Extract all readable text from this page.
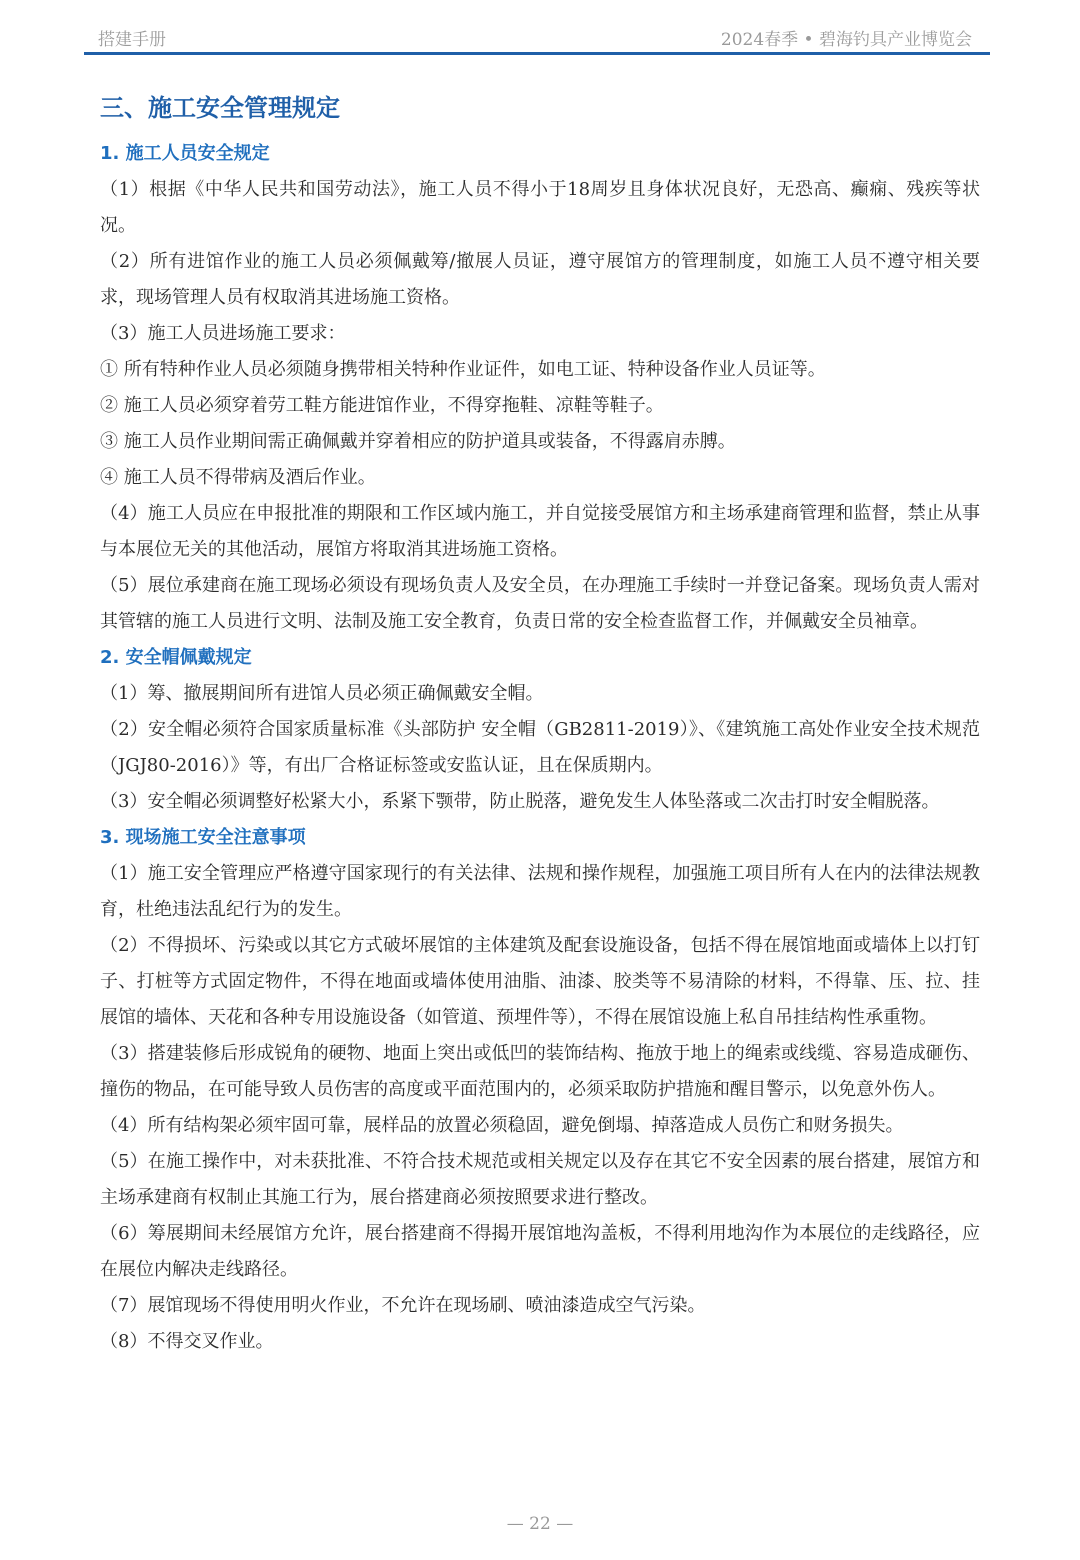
搭建手册	2024春季 • 碧海钓具产业博览会
三、施工安全管理规定
1. 施工人员安全规定

（1）根据《中华人民共和国劳动法》，施工人员不得小于18周岁且身体状况良好，无恐高、癫痫、残疾等状况。

（2）所有进馆作业的施工人员必须佩戴筹/撤展人员证，遵守展馆方的管理制度，如施工人员不遵守相关要求，现场管理人员有权取消其进场施工资格。

（3）施工人员进场施工要求：

① 所有特种作业人员必须随身携带相关特种作业证件，如电工证、特种设备作业人员证等。

② 施工人员必须穿着劳工鞋方能进馆作业，不得穿拖鞋、凉鞋等鞋子。

③ 施工人员作业期间需正确佩戴并穿着相应的防护道具或装备，不得露肩赤膊。

④ 施工人员不得带病及酒后作业。

（4）施工人员应在申报批准的期限和工作区域内施工，并自觉接受展馆方和主场承建商管理和监督，禁止从事与本展位无关的其他活动，展馆方将取消其进场施工资格。

（5）展位承建商在施工现场必须设有现场负责人及安全员，在办理施工手续时一并登记备案。现场负责人需对其管辖的施工人员进行文明、法制及施工安全教育，负责日常的安全检查监督工作，并佩戴安全员袖章。

2. 安全帽佩戴规定

（1）筹、撤展期间所有进馆人员必须正确佩戴安全帽。

（2）安全帽必须符合国家质量标准《头部防护 安全帽（GB2811-2019）》、《建筑施工高处作业安全技术规范（JGJ80-2016）》等，有出厂合格证标签或安监认证，且在保质期内。

（3）安全帽必须调整好松紧大小，系紧下颚带，防止脱落，避免发生人体坠落或二次击打时安全帽脱落。

3. 现场施工安全注意事项

（1）施工安全管理应严格遵守国家现行的有关法律、法规和操作规程，加强施工项目所有人在内的法律法规教育，杜绝违法乱纪行为的发生。

（2）不得损坏、污染或以其它方式破坏展馆的主体建筑及配套设施设备，包括不得在展馆地面或墙体上以打钉子、打桩等方式固定物件，不得在地面或墙体使用油脂、油漆、胶类等不易清除的材料，不得靠、压、拉、挂展馆的墙体、天花和各种专用设施设备（如管道、预埋件等），不得在展馆设施上私自吊挂结构性承重物。

（3）搭建装修后形成锐角的硬物、地面上突出或低凹的装饰结构、拖放于地上的绳索或线缆、容易造成砸伤、撞伤的物品，在可能导致人员伤害的高度或平面范围内的，必须采取防护措施和醒目警示，以免意外伤人。

（4）所有结构架必须牢固可靠，展样品的放置必须稳固，避免倒塌、掉落造成人员伤亡和财务损失。

（5）在施工操作中，对未获批准、不符合技术规范或相关规定以及存在其它不安全因素的展台搭建，展馆方和主场承建商有权制止其施工行为，展台搭建商必须按照要求进行整改。

（6）筹展期间未经展馆方允许，展台搭建商不得揭开展馆地沟盖板，不得利用地沟作为本展位的走线路径，应在展位内解决走线路径。

（7）展馆现场不得使用明火作业，不允许在现场刷、喷油漆造成空气污染。

（8）不得交叉作业。

— 22 —
